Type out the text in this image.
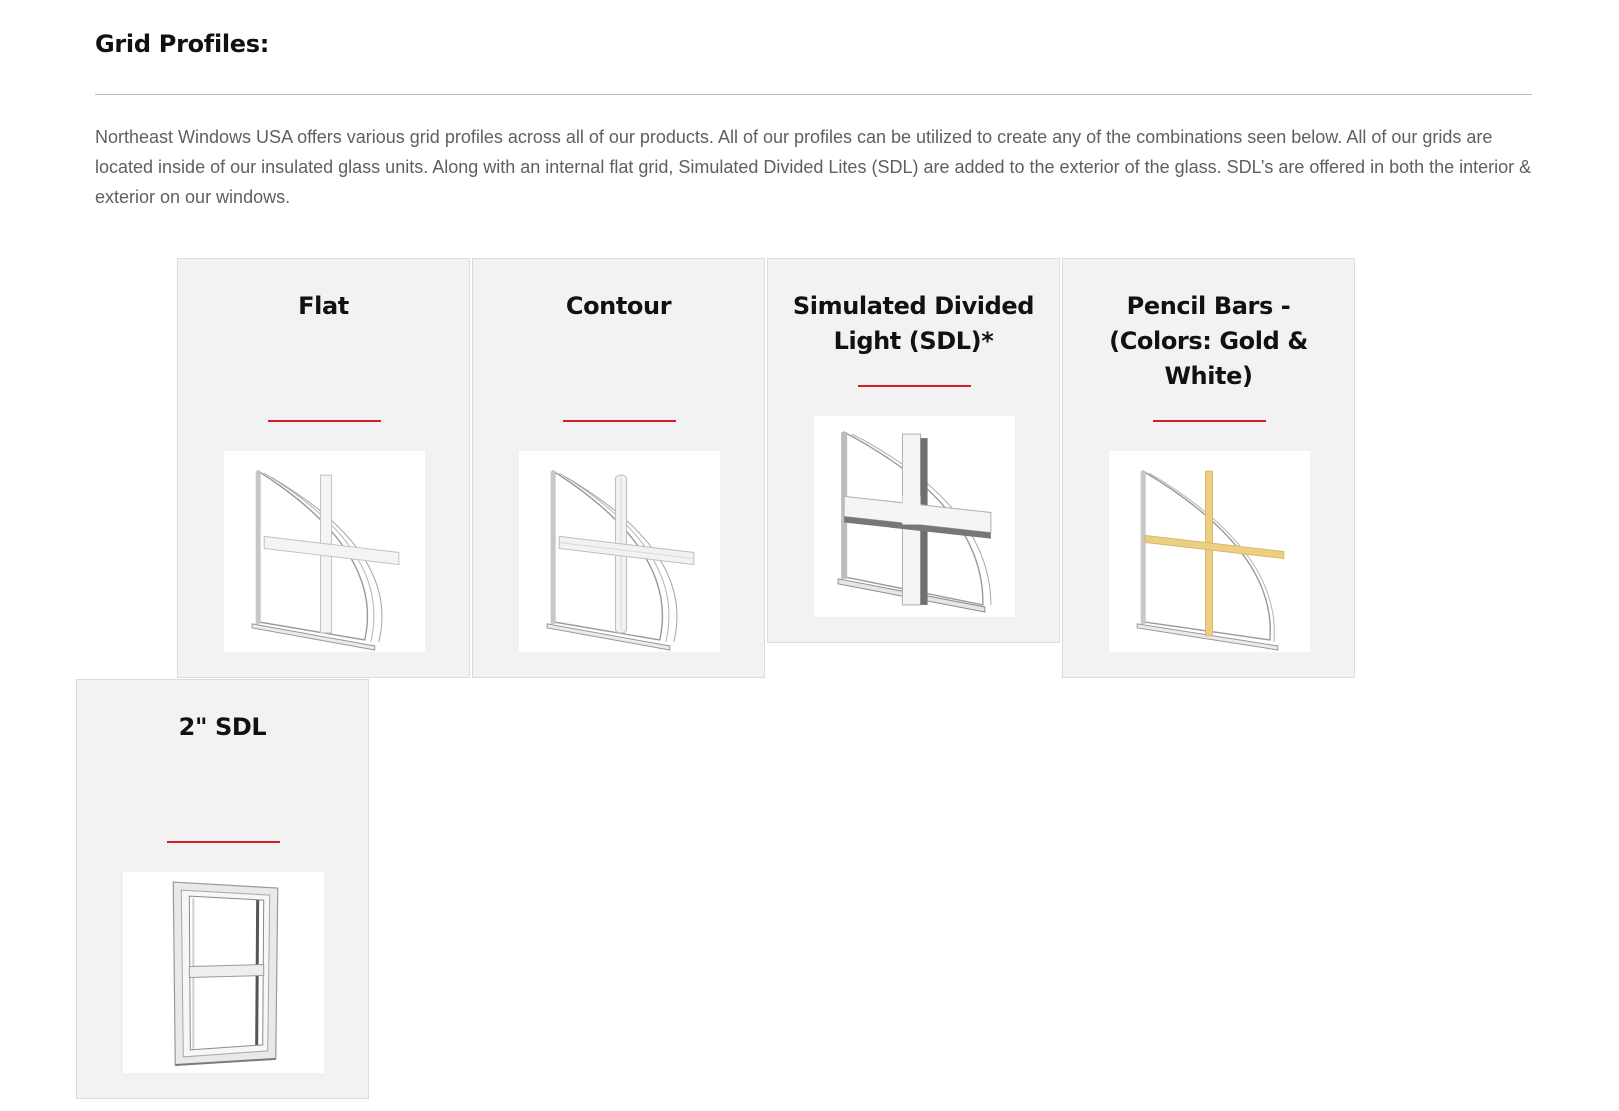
Grid Profiles:

Northeast Windows USA offers various grid profiles across all of our products. All of our profiles can be utilized to create any of the combinations seen below. All of our grids are located inside of our insulated glass units. Along with an internal flat grid, Simulated Divided Lites (SDL) are added to the exterior of the glass. SDL’s are offered in both the interior & exterior on our windows.

Flat	Contour	Simulated Divided Light (SDL)*
Pencil Bars - (Colors: Gold & White)
2" SDL
